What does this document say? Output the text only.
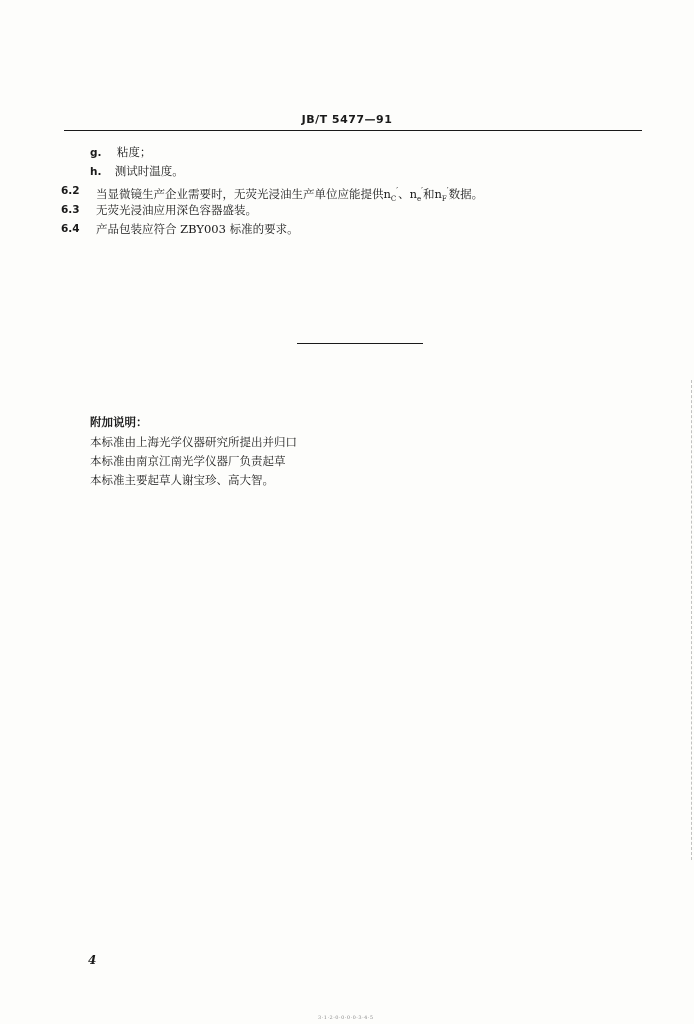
JB/T 5477—91
g. 粘度；
h. 测试时温度。
6.2 当显微镜生产企业需要时，无荧光浸油生产单位应能提供$n_C'$、$n_e'$和$n_F'$数据。
6.3 无荧光浸油应用深色容器盛装。
6.4 产品包装应符合 ZBY003 标准的要求。
附加说明：
本标准由上海光学仪器研究所提出并归口
本标准由南京江南光学仪器厂负责起草
本标准主要起草人谢宝珍、高大智。
4
3·1·2·0·0·0·0·3·4·5
